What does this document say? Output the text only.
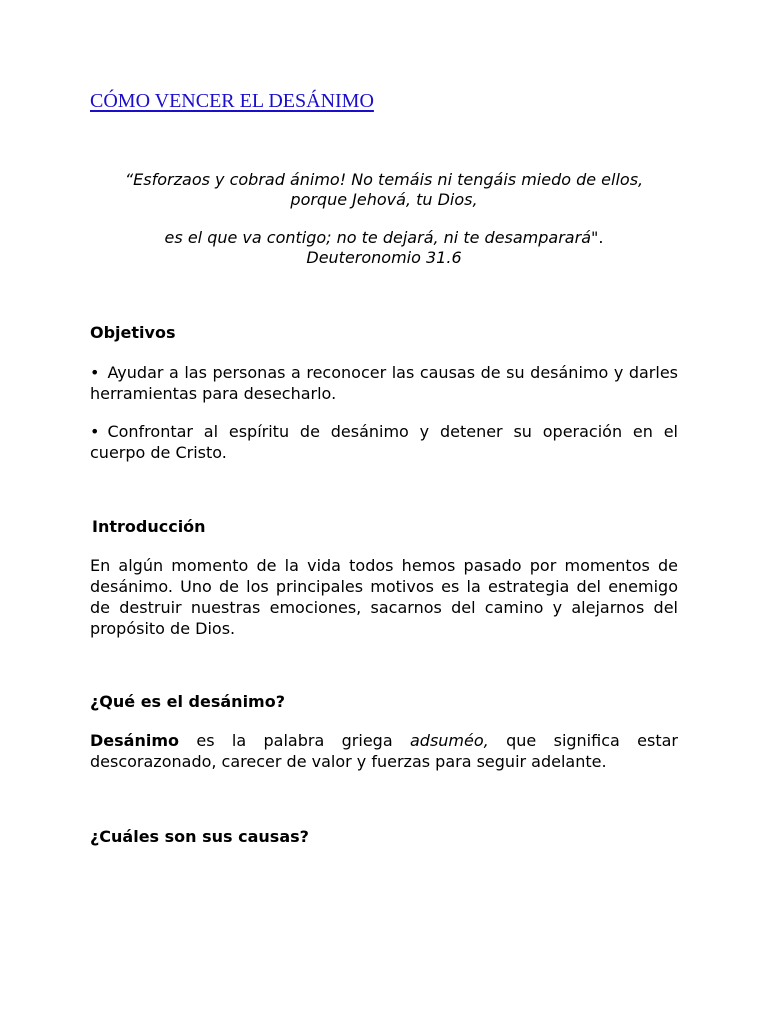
CÓMO VENCER EL DESÁNIMO

“Esforzaos y cobrad ánimo! No temáis ni tengáis miedo de ellos,

porque Jehová, tu Dios,

es el que va contigo; no te dejará, ni te desamparará".

Deuteronomio 31.6

Objetivos

• Ayudar a las personas a reconocer las causas de su desánimo y darles herramientas para desecharlo.

• Confrontar al espíritu de desánimo y detener su operación en el cuerpo de Cristo.

Introducción

En algún momento de la vida todos hemos pasado por momentos de desánimo. Uno de los principales motivos es la estrategia del enemigo de destruir nuestras emociones, sacarnos del camino y alejarnos del propósito de Dios.

¿Qué es el desánimo?

Desánimo es la palabra griega adsuméo, que significa estar descorazonado, carecer de valor y fuerzas para seguir adelante.

¿Cuáles son sus causas?
